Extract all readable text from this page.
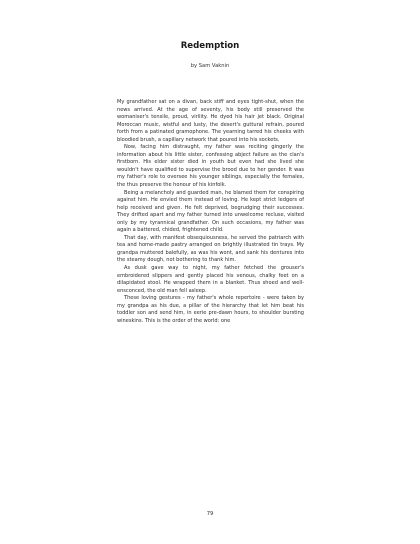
Redemption
by Sam Vaknin

My grandfather sat on a divan, back stiff and eyes tight-shut, when the news arrived. At the age of seventy, his body still preserved the womaniser's tensile, proud, virility. He dyed his hair jet black. Original Moroccan music, wistful and lusty, the desert's guttural refrain, poured forth from a patinated gramophone. The yearning tarred his cheeks with bloodied brush, a capillary network that poured into his sockets.

Now, facing him distraught, my father was reciting gingerly the information about his little sister, confessing abject failure as the clan's firstborn. His elder sister died in youth but even had she lived she wouldn't have qualified to supervise the brood due to her gender. It was my father's role to oversee his younger siblings, especially the females, the thus preserve the honour of his kinfolk.

Being a melancholy and guarded man, he blamed them for conspiring against him. He envied them instead of loving. He kept strict ledgers of help received and given. He felt deprived, begrudging their successes. They drifted apart and my father turned into unwelcome recluse, visited only by my tyrannical grandfather. On such occasions, my father was again a battered, chided, frightened child.

That day, with manifest obsequiousness, he served the patriarch with tea and home-made pastry arranged on brightly illustrated tin trays. My grandpa muttered balefully, as was his wont, and sank his dentures into the steamy dough, not bothering to thank him.

As dusk gave way to night, my father fetched the grouser's embroidered slippers and gently placed his venous, chalky feet on a dilapidated stool. He wrapped them in a blanket. Thus shoed and well-ensconced, the old man fell asleep.

These loving gestures - my father's whole repertoire - were taken by my grandpa as his due, a pillar of the hierarchy that let him beat his toddler son and send him, in eerie pre-dawn hours, to shoulder bursting wineskins. This is the order of the world: one

79
